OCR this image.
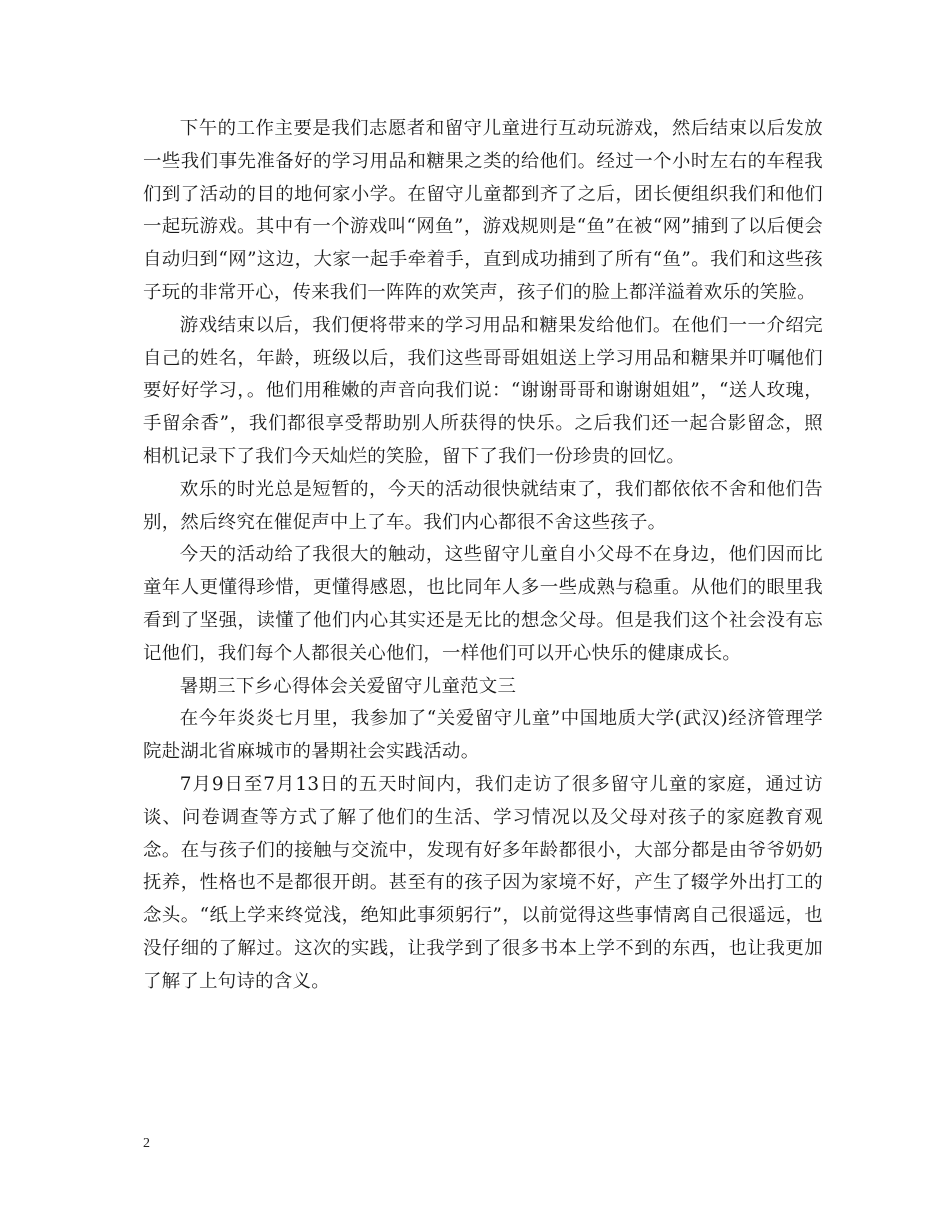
下午的工作主要是我们志愿者和留守儿童进行互动玩游戏，然后结束以后发放一些我们事先准备好的学习用品和糖果之类的给他们。经过一个小时左右的车程我们到了活动的目的地何家小学。在留守儿童都到齐了之后，团长便组织我们和他们一起玩游戏。其中有一个游戏叫“网鱼”，游戏规则是“鱼”在被“网”捕到了以后便会自动归到“网”这边，大家一起手牵着手，直到成功捕到了所有“鱼”。我们和这些孩子玩的非常开心，传来我们一阵阵的欢笑声，孩子们的脸上都洋溢着欢乐的笑脸。

游戏结束以后，我们便将带来的学习用品和糖果发给他们。在他们一一介绍完自己的姓名，年龄，班级以后，我们这些哥哥姐姐送上学习用品和糖果并叮嘱他们要好好学习，。他们用稚嫩的声音向我们说：“谢谢哥哥和谢谢姐姐”，“送人玫瑰，手留余香”，我们都很享受帮助别人所获得的快乐。之后我们还一起合影留念，照相机记录下了我们今天灿烂的笑脸，留下了我们一份珍贵的回忆。

欢乐的时光总是短暂的，今天的活动很快就结束了，我们都依依不舍和他们告别，然后终究在催促声中上了车。我们内心都很不舍这些孩子。

今天的活动给了我很大的触动，这些留守儿童自小父母不在身边，他们因而比童年人更懂得珍惜，更懂得感恩，也比同年人多一些成熟与稳重。从他们的眼里我看到了坚强，读懂了他们内心其实还是无比的想念父母。但是我们这个社会没有忘记他们，我们每个人都很关心他们，一样他们可以开心快乐的健康成长。

暑期三下乡心得体会关爱留守儿童范文三

在今年炎炎七月里，我参加了“关爱留守儿童”中国地质大学(武汉)经济管理学院赴湖北省麻城市的暑期社会实践活动。

7月9日至7月13日的五天时间内，我们走访了很多留守儿童的家庭，通过访谈、问卷调查等方式了解了他们的生活、学习情况以及父母对孩子的家庭教育观念。在与孩子们的接触与交流中，发现有好多年龄都很小，大部分都是由爷爷奶奶抚养，性格也不是都很开朗。甚至有的孩子因为家境不好，产生了辍学外出打工的念头。“纸上学来终觉浅，绝知此事须躬行”，以前觉得这些事情离自己很遥远，也没仔细的了解过。这次的实践，让我学到了很多书本上学不到的东西，也让我更加了解了上句诗的含义。

2
